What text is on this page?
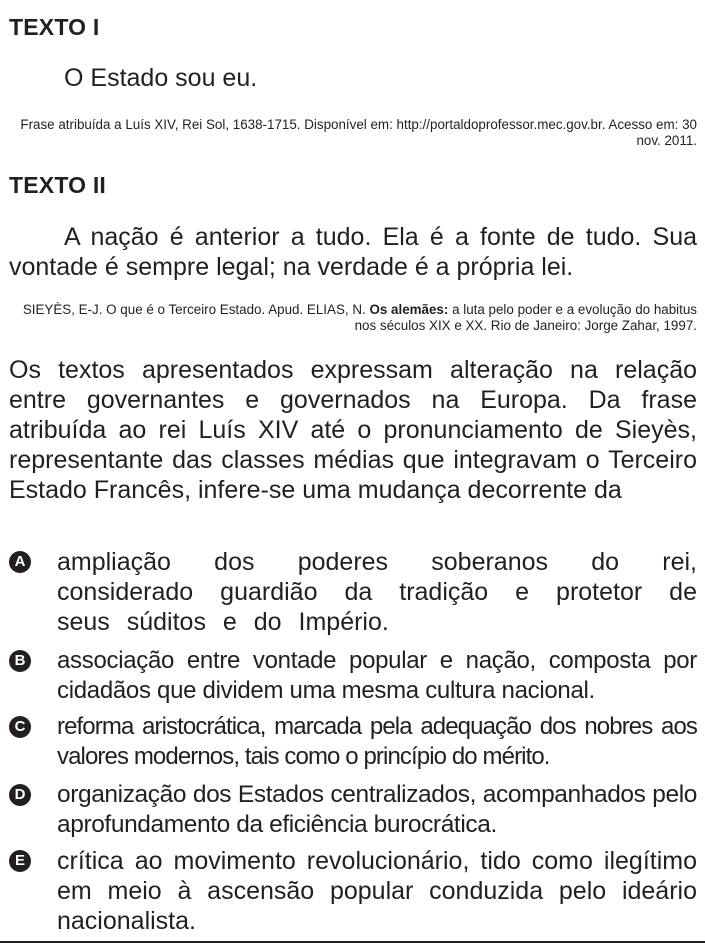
TEXTO I
O Estado sou eu.
Frase atribuída a Luís XIV, Rei Sol, 1638-1715. Disponível em: http://portaldoprofessor.mec.gov.br. Acesso em: 30 nov. 2011.
TEXTO II
A nação é anterior a tudo. Ela é a fonte de tudo. Sua vontade é sempre legal; na verdade é a própria lei.
SIEYÈS, E-J. O que é o Terceiro Estado. Apud. ELIAS, N. Os alemães: a luta pelo poder e a evolução do habitus nos séculos XIX e XX. Rio de Janeiro: Jorge Zahar, 1997.
Os textos apresentados expressam alteração na relação entre governantes e governados na Europa. Da frase atribuída ao rei Luís XIV até o pronunciamento de Sieyès, representante das classes médias que integravam o Terceiro Estado Francês, infere-se uma mudança decorrente da
A ampliação dos poderes soberanos do rei, considerado guardião da tradição e protetor de seus súditos e do Império.
B associação entre vontade popular e nação, composta por cidadãos que dividem uma mesma cultura nacional.
C reforma aristocrática, marcada pela adequação dos nobres aos valores modernos, tais como o princípio do mérito.
D organização dos Estados centralizados, acompanhados pelo aprofundamento da eficiência burocrática.
E crítica ao movimento revolucionário, tido como ilegítimo em meio à ascensão popular conduzida pelo ideário nacionalista.
